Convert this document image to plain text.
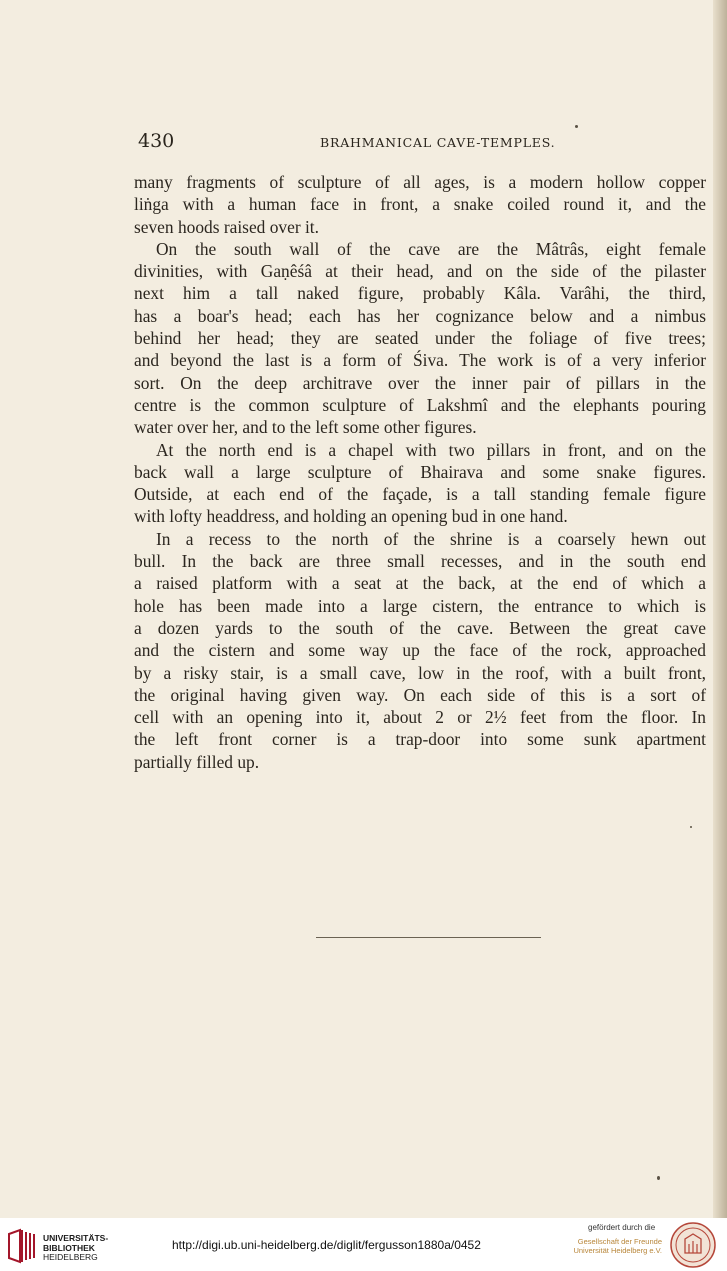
430	BRAHMANICAL CAVE-TEMPLES.
many fragments of sculpture of all ages, is a modern hollow copper
liṅga with a human face in front, a snake coiled round it, and the
seven hoods raised over it.
On the south wall of the cave are the Mâtrâs, eight female
divinities, with Gaṇêśâ at their head, and on the side of the pilaster
next him a tall naked figure, probably Kâla. Varâhi, the third,
has a boar's head; each has her cognizance below and a nimbus
behind her head; they are seated under the foliage of five trees;
and beyond the last is a form of Śiva. The work is of a very inferior
sort. On the deep architrave over the inner pair of pillars in the
centre is the common sculpture of Lakshmî and the elephants pouring
water over her, and to the left some other figures.
At the north end is a chapel with two pillars in front, and on the
back wall a large sculpture of Bhairava and some snake figures.
Outside, at each end of the façade, is a tall standing female figure
with lofty headdress, and holding an opening bud in one hand.
In a recess to the north of the shrine is a coarsely hewn out
bull. In the back are three small recesses, and in the south end
a raised platform with a seat at the back, at the end of which a
hole has been made into a large cistern, the entrance to which is
a dozen yards to the south of the cave. Between the great cave
and the cistern and some way up the face of the rock, approached
by a risky stair, is a small cave, low in the roof, with a built front,
the original having given way. On each side of this is a sort of
cell with an opening into it, about 2 or 2½ feet from the floor. In
the left front corner is a trap-door into some sunk apartment
partially filled up.
UNIVERSITÄTS-
BIBLIOTHEK
HEIDELBERG
http://digi.ub.uni-heidelberg.de/diglit/fergusson1880a/0452
gefördert durch die
Gesellschaft der Freunde
Universität Heidelberg e.V.
